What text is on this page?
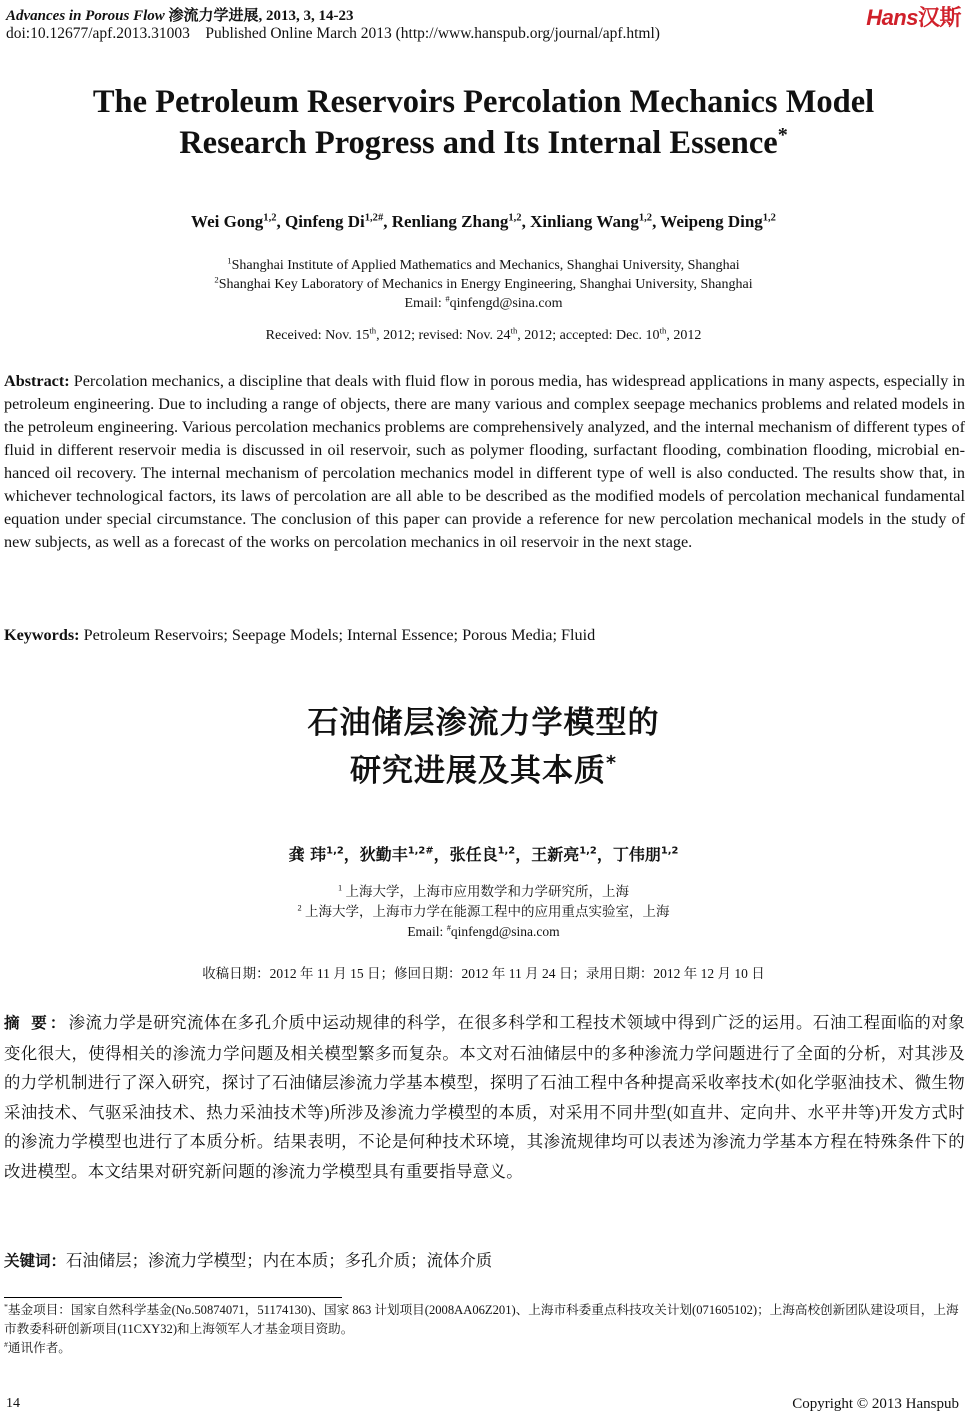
Advances in Porous Flow 渗流力学进展, 2013, 3, 14-23
doi:10.12677/apf.2013.31003    Published Online March 2013 (http://www.hanspub.org/journal/apf.html)
Hans汉斯
The Petroleum Reservoirs Percolation Mechanics Model
Research Progress and Its Internal Essence*
Wei Gong$^{1,2}$, Qinfeng $Di^{1,2\#}$, Renliang Zhang$^{1,2}$, Xinliang Wang$^{1,2}$, Weipeng Ding$^{1,2}$
$^1$Shanghai Institute of Applied Mathematics and Mechanics, Shanghai University, Shanghai
$^2$Shanghai Key Laboratory of Mechanics in Energy Engineering, Shanghai University, Shanghai
Email: #qinfengd@sina.com
Received: Nov. 15th, 2012; revised: Nov. 24th, 2012; accepted: Dec. 10th, 2012
Abstract: Percolation mechanics, a discipline that deals with fluid flow in porous media, has widespread applications in many aspects, especially in petroleum engineering. Due to including a range of objects, there are many various and complex seepage mechanics problems and related models in the petroleum engineering. Various percolation mechanics problems are comprehensively analyzed, and the internal mechanism of different types of fluid in different reservoir media is discussed in oil reservoir, such as polymer flooding, surfactant flooding, combination flooding, microbial en-hanced oil recovery. The internal mechanism of percolation mechanics model in different type of well is also conducted. The results show that, in whichever technological factors, its laws of percolation are all able to be described as the modified models of percolation mechanical fundamental equation under special circumstance. The conclusion of this paper can provide a reference for new percolation mechanical models in the study of new subjects, as well as a forecast of the works on percolation mechanics in oil reservoir in the next stage.
Keywords: Petroleum Reservoirs; Seepage Models; Internal Essence; Porous Media; Fluid
石油储层渗流力学模型的
研究进展及其本质*
龚 玮$^{1,2}$，狄勤丰$^{1,2\#}$，张任良$^{1,2}$，王新亮$^{1,2}$，丁伟朋$^{1,2}$
$^1$ 上海大学，上海市应用数学和力学研究所，上海
$^2$ 上海大学，上海市力学在能源工程中的应用重点实验室，上海
Email: #qinfengd@sina.com
收稿日期：2012 年 11 月 15 日；修回日期：2012 年 11 月 24 日；录用日期：2012 年 12 月 10 日
摘 要：渗流力学是研究流体在多孔介质中运动规律的科学，在很多科学和工程技术领域中得到广泛的运用。石油工程面临的对象变化很大，使得相关的渗流力学问题及相关模型繁多而复杂。本文对石油储层中的多种渗流力学问题进行了全面的分析，对其涉及的力学机制进行了深入研究，探讨了石油储层渗流力学基本模型，探明了石油工程中各种提高采收率技术(如化学驱油技术、微生物采油技术、气驱采油技术、热力采油技术等)所涉及渗流力学模型的本质，对采用不同井型(如直井、定向井、水平井等)开发方式时的渗流力学模型也进行了本质分析。结果表明，不论是何种技术环境，其渗流规律均可以表述为渗流力学基本方程在特殊条件下的改进模型。本文结果对研究新问题的渗流力学模型具有重要指导意义。
关键词：石油储层；渗流力学模型；内在本质；多孔介质；流体介质
*基金项目：国家自然科学基金(No.50874071，51174130)、国家 863 计划项目(2008AA06Z201)、上海市科委重点科技攻关计划(071605102)；上海高校创新团队建设项目，上海市教委科研创新项目(11CXY32)和上海领军人才基金项目资助。
#通讯作者。
14	Copyright © 2013 Hanspub
